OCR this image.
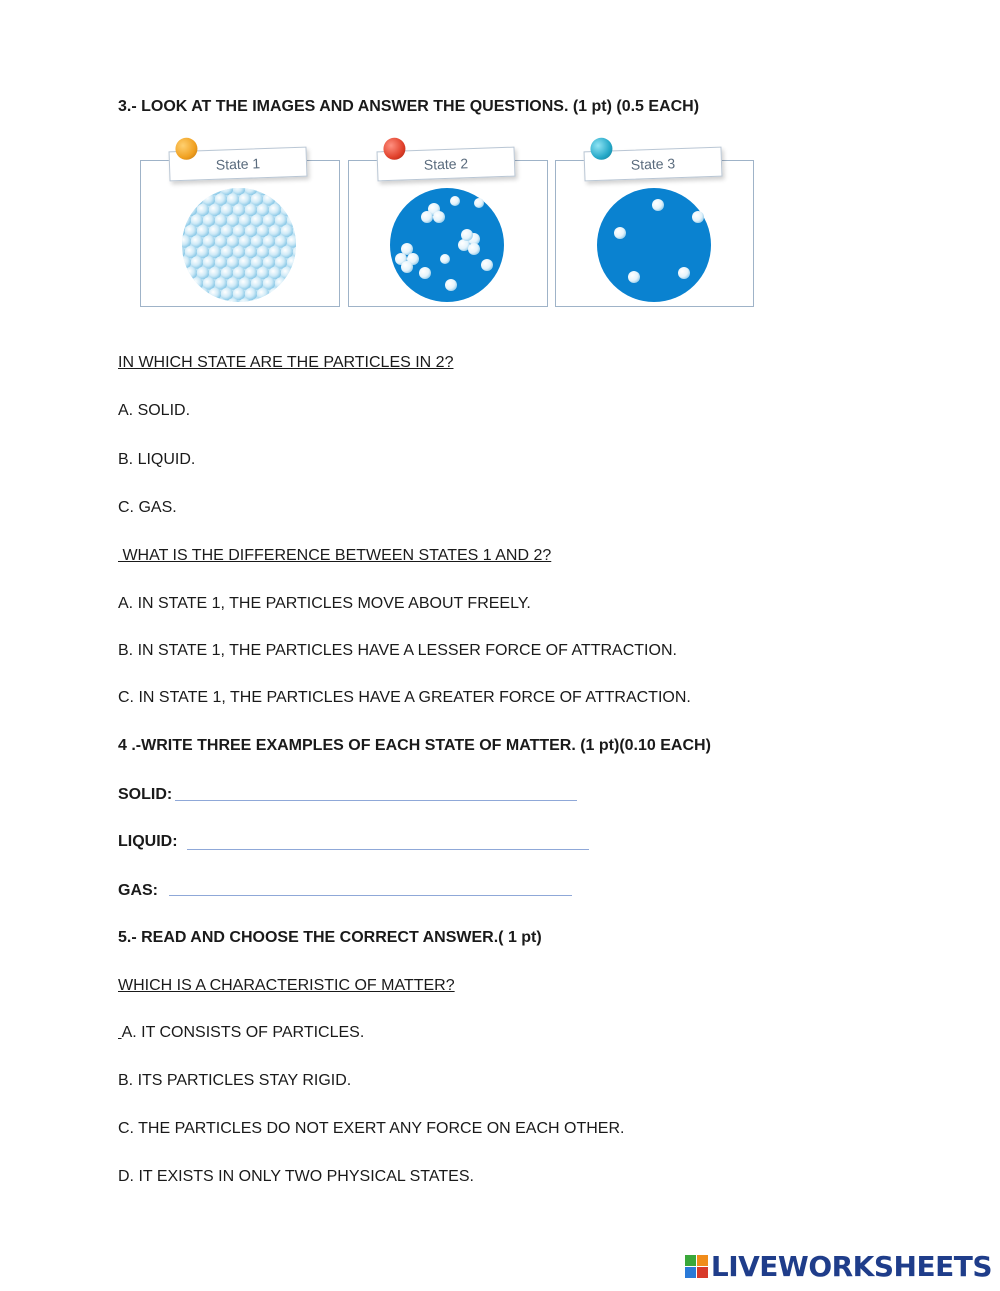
3.- LOOK AT THE IMAGES AND ANSWER THE QUESTIONS. (1 pt) (0.5 EACH)
State 1	State 2	State 3
IN WHICH STATE ARE THE PARTICLES IN 2?
A. SOLID.
B. LIQUID.
C. GAS.
WHAT IS THE DIFFERENCE BETWEEN STATES 1 AND 2?
A. IN STATE 1, THE PARTICLES MOVE ABOUT FREELY.
B. IN STATE 1, THE PARTICLES HAVE A LESSER FORCE OF ATTRACTION.
C. IN STATE 1, THE PARTICLES HAVE A GREATER FORCE OF ATTRACTION.
4 .-WRITE THREE EXAMPLES OF EACH STATE OF MATTER. (1 pt)(0.10 EACH)
SOLID:
LIQUID:
GAS:
5.- READ AND CHOOSE THE CORRECT ANSWER.( 1 pt)
WHICH IS A CHARACTERISTIC OF MATTER?
A. IT CONSISTS OF PARTICLES.
B. ITS PARTICLES STAY RIGID.
C. THE PARTICLES DO NOT EXERT ANY FORCE ON EACH OTHER.
D. IT EXISTS IN ONLY TWO PHYSICAL STATES.
LIVEWORKSHEETS
